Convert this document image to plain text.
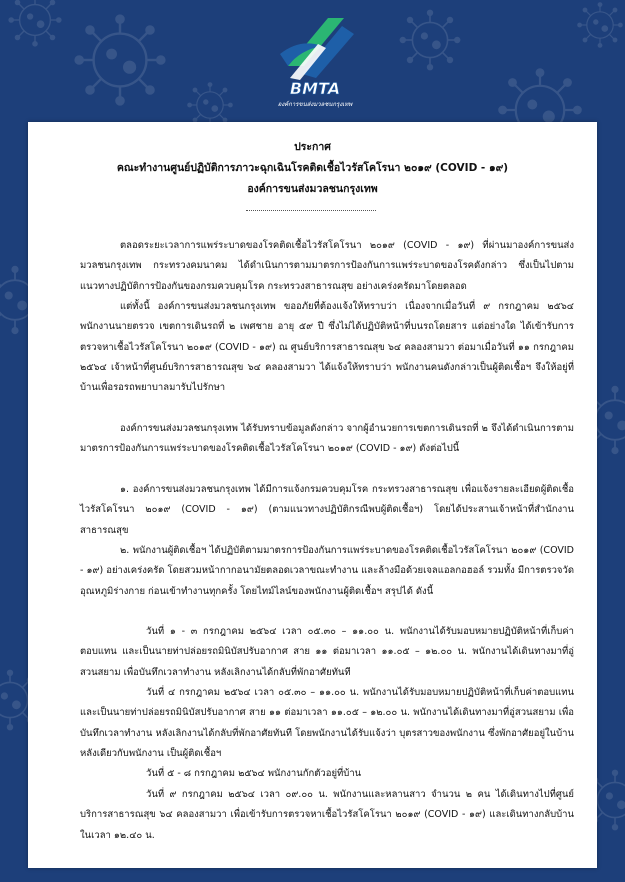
BMTA
องค์การขนส่งมวลชนกรุงเทพ
ประกาศ
คณะทำงานศูนย์ปฏิบัติการภาวะฉุกเฉินโรคติดเชื้อไวรัสโคโรนา ๒๐๑๙ (COVID - ๑๙)
องค์การขนส่งมวลชนกรุงเทพ

ตลอดระยะเวลาการแพร่ระบาดของโรคติดเชื้อไวรัสโคโรนา ๒๐๑๙ (COVID - ๑๙) ที่ผ่านมาองค์การขนส่งมวลชนกรุงเทพ กระทรวงคมนาคม ได้ดำเนินการตามมาตรการป้องกันการแพร่ระบาดของโรคดังกล่าว ซึ่งเป็นไปตามแนวทางปฏิบัติการป้องกันของกรมควบคุมโรค กระทรวงสาธารณสุข อย่างเคร่งครัดมาโดยตลอด

แต่ทั้งนี้ องค์การขนส่งมวลชนกรุงเทพ ขออภัยที่ต้องแจ้งให้ทราบว่า เนื่องจากเมื่อวันที่ ๙ กรกฎาคม ๒๕๖๔ พนักงานนายตรวจ เขตการเดินรถที่ ๒ เพศชาย อายุ ๕๙ ปี ซึ่งไม่ได้ปฏิบัติหน้าที่บนรถโดยสาร แต่อย่างใด ได้เข้ารับการตรวจหาเชื้อไวรัสโคโรนา ๒๐๑๙ (COVID - ๑๙) ณ ศูนย์บริการสาธารณสุข ๖๔ คลองสามวา ต่อมาเมื่อวันที่ ๑๑ กรกฎาคม ๒๕๖๔ เจ้าหน้าที่ศูนย์บริการสาธารณสุข ๖๔ คลองสามวา ได้แจ้งให้ทราบว่า พนักงานคนดังกล่าวเป็นผู้ติดเชื้อฯ จึงให้อยู่ที่บ้านเพื่อรอรถพยาบาลมารับไปรักษา

องค์การขนส่งมวลชนกรุงเทพ ได้รับทราบข้อมูลดังกล่าว จากผู้อำนวยการเขตการเดินรถที่ ๒ จึงได้ดำเนินการตามมาตรการป้องกันการแพร่ระบาดของโรคติดเชื้อไวรัสโคโรนา ๒๐๑๙ (COVID - ๑๙) ดังต่อไปนี้

๑. องค์การขนส่งมวลชนกรุงเทพ ได้มีการแจ้งกรมควบคุมโรค กระทรวงสาธารณสุข เพื่อแจ้งรายละเอียดผู้ติดเชื้อไวรัสโคโรนา ๒๐๑๙ (COVID - ๑๙) (ตามแนวทางปฏิบัติกรณีพบผู้ติดเชื้อฯ) โดยได้ประสานเจ้าหน้าที่สำนักงานสาธารณสุข

๒. พนักงานผู้ติดเชื้อฯ ได้ปฏิบัติตามมาตรการป้องกันการแพร่ระบาดของโรคติดเชื้อไวรัสโคโรนา ๒๐๑๙ (COVID - ๑๙) อย่างเคร่งครัด โดยสวมหน้ากากอนามัยตลอดเวลาขณะทำงาน และล้างมือด้วยเจลแอลกอฮอล์ รวมทั้ง มีการตรวจวัดอุณหภูมิร่างกาย ก่อนเข้าทำงานทุกครั้ง โดยไทม์ไลน์ของพนักงานผู้ติดเชื้อฯ สรุปได้ ดังนี้

วันที่ ๑ - ๓ กรกฎาคม ๒๕๖๔ เวลา ๐๕.๓๐ – ๑๑.๐๐ น. พนักงานได้รับมอบหมายปฏิบัติหน้าที่เก็บค่าตอบแทน และเป็นนายท่าปล่อยรถมินิบัสปรับอากาศ สาย ๑๑ ต่อมาเวลา ๑๑.๐๕ – ๑๒.๐๐ น. พนักงานได้เดินทางมาที่อู่สวนสยาม เพื่อบันทึกเวลาทำงาน หลังเลิกงานได้กลับที่พักอาศัยทันที

วันที่ ๔ กรกฎาคม ๒๕๖๔ เวลา ๐๕.๓๐ – ๑๑.๐๐ น. พนักงานได้รับมอบหมายปฏิบัติหน้าที่เก็บค่าตอบแทน และเป็นนายท่าปล่อยรถมินิบัสปรับอากาศ สาย ๑๑ ต่อมาเวลา ๑๑.๐๕ – ๑๒.๐๐ น. พนักงานได้เดินทางมาที่อู่สวนสยาม เพื่อบันทึกเวลาทำงาน หลังเลิกงานได้กลับที่พักอาศัยทันที โดยพนักงานได้รับแจ้งว่า บุตรสาวของพนักงาน ซึ่งพักอาศัยอยู่ในบ้านหลังเดียวกับพนักงาน เป็นผู้ติดเชื้อฯ

วันที่ ๕ - ๘ กรกฎาคม ๒๕๖๔ พนักงานกักตัวอยู่ที่บ้าน

วันที่ ๙ กรกฎาคม ๒๕๖๔ เวลา ๐๙.๐๐ น. พนักงานและหลานสาว จำนวน ๒ คน ได้เดินทางไปที่ศูนย์บริการสาธารณสุข ๖๔ คลองสามวา เพื่อเข้ารับการตรวจหาเชื้อไวรัสโคโรนา ๒๐๑๙ (COVID - ๑๙) และเดินทางกลับบ้าน ในเวลา ๑๒.๔๐ น.
